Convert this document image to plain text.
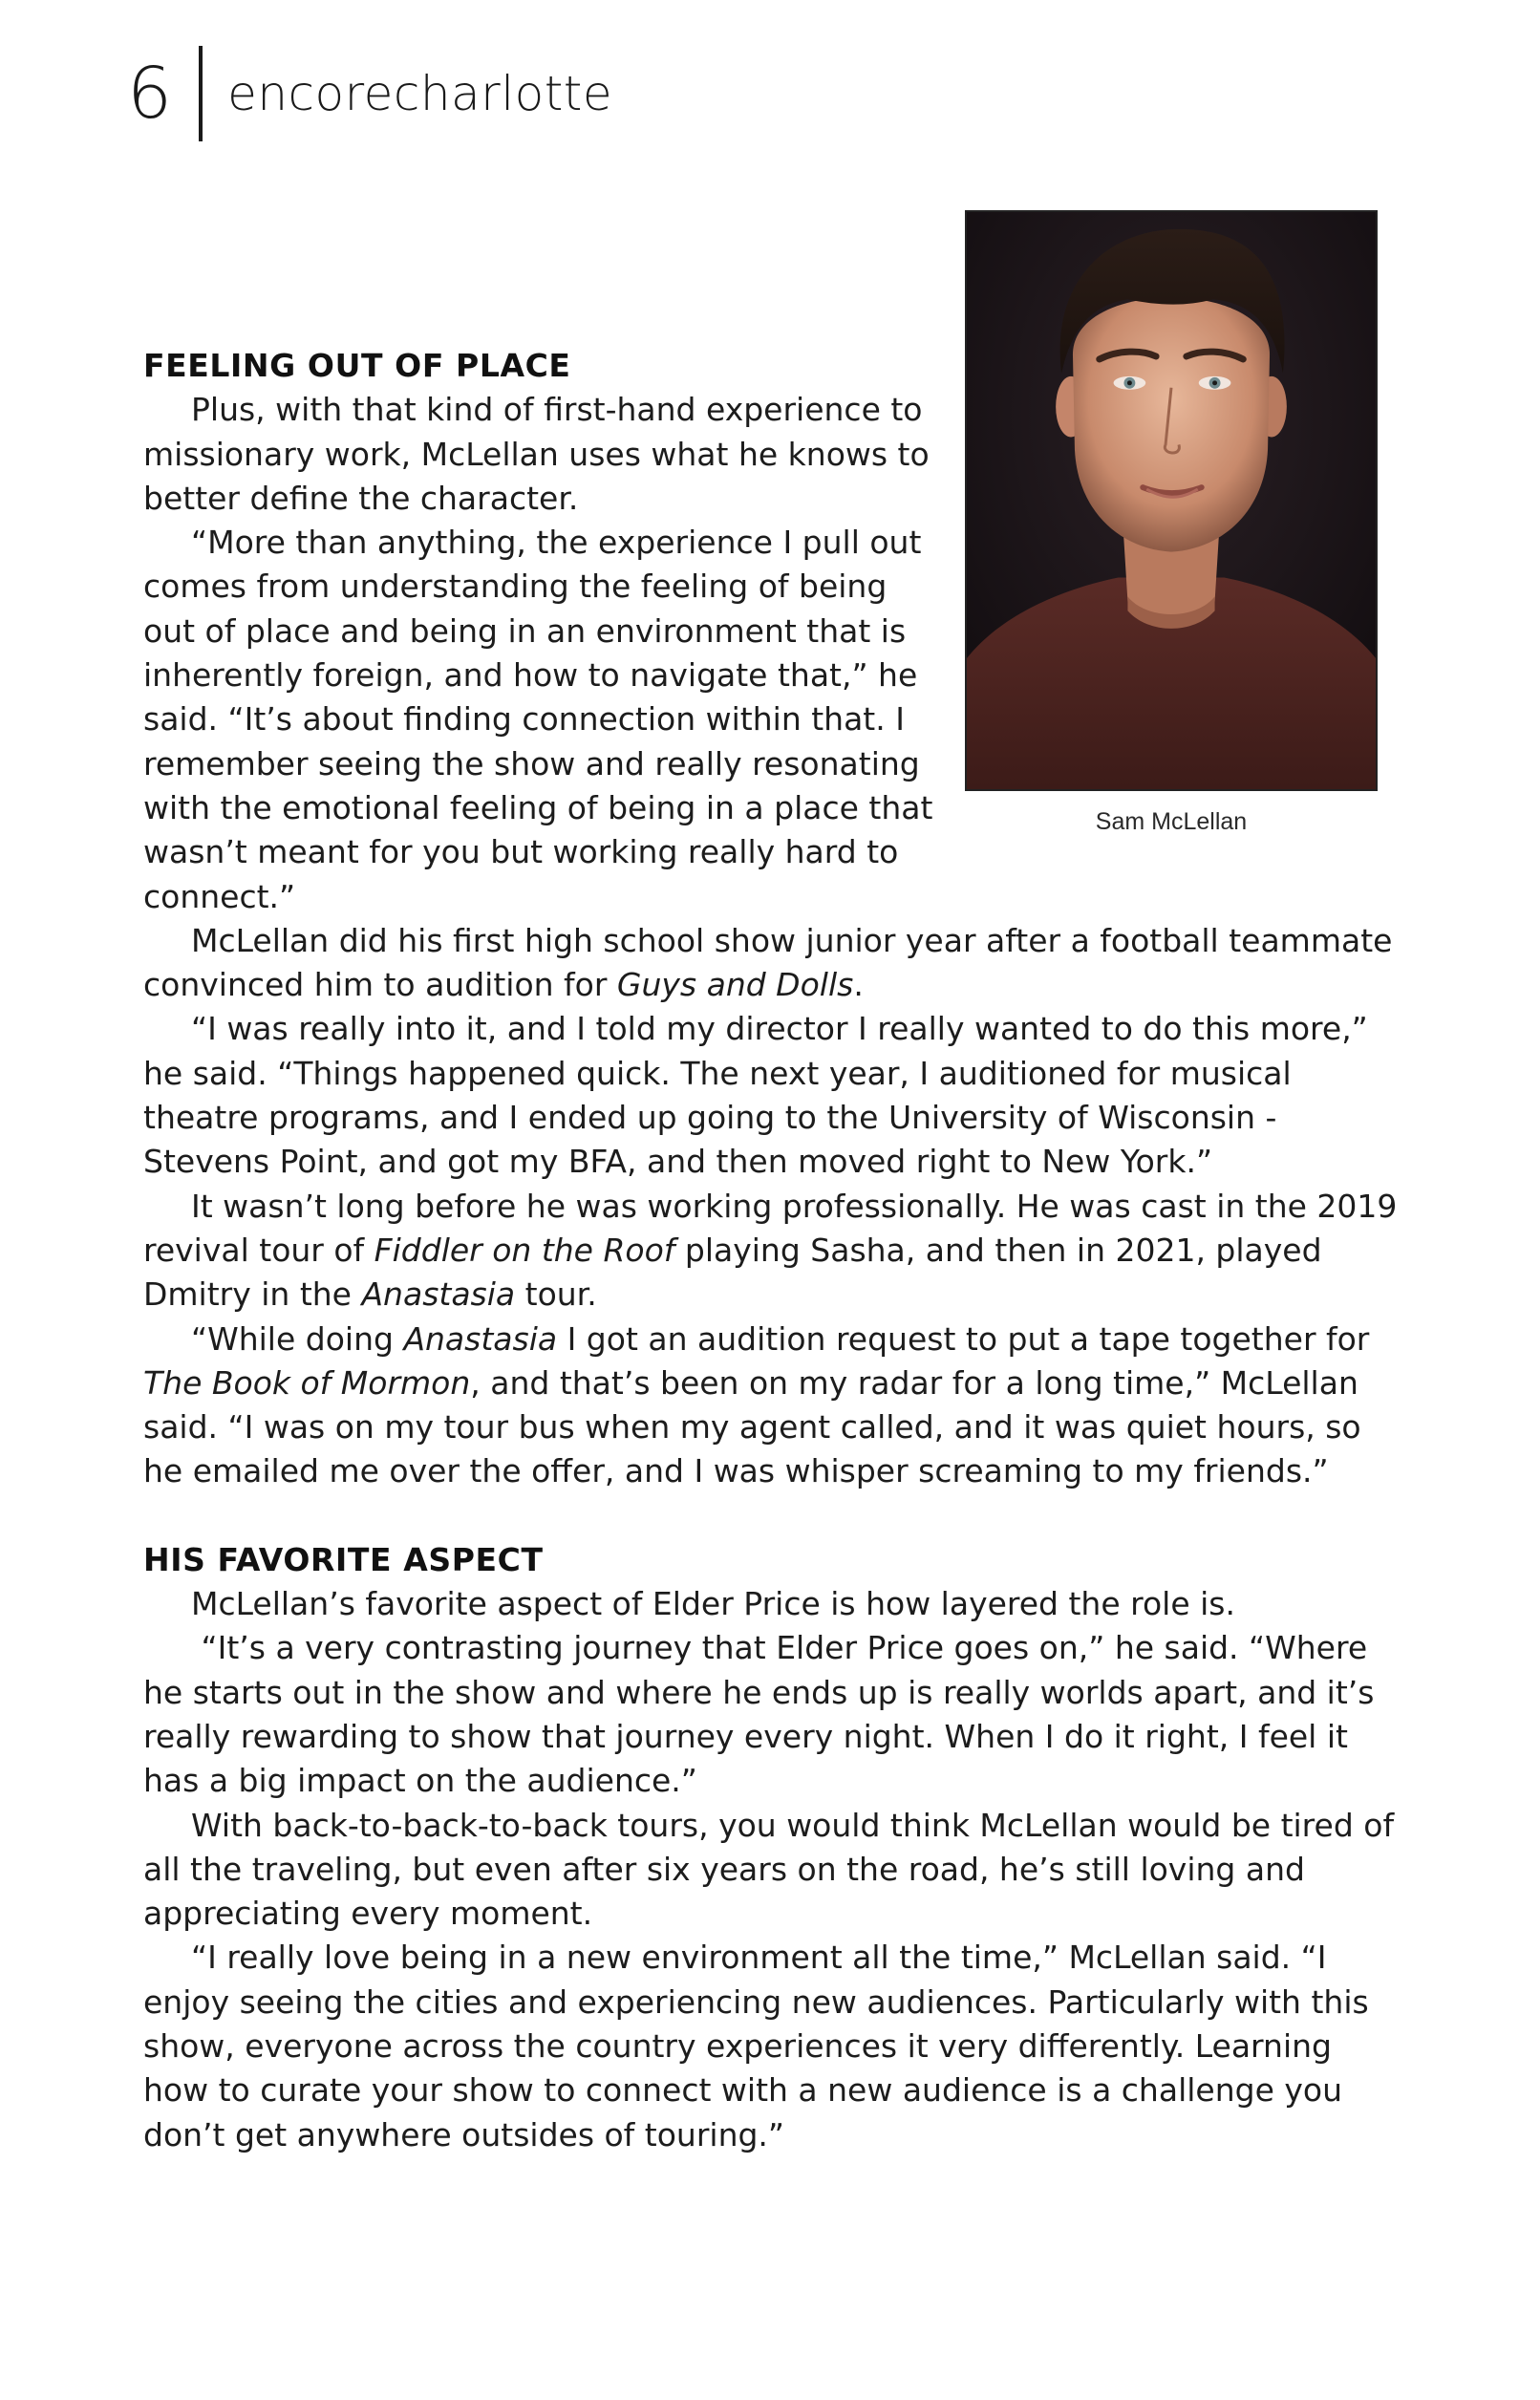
6 encorecharlotte
Sam McLellan
FEELING OUT OF PLACE

Plus, with that kind of first-hand experience to missionary work, McLellan uses what he knows to better define the character.

“More than anything, the experience I pull out comes from understanding the feeling of being out of place and being in an environment that is inherently foreign, and how to navigate that,” he said. “It’s about finding connection within that. I remember seeing the show and really resonating with the emotional feeling of being in a place that wasn’t meant for you but working really hard to connect.”

McLellan did his first high school show junior year after a football teammate convinced him to audition for Guys and Dolls.

“I was really into it, and I told my director I really wanted to do this more,” he said. “Things happened quick. The next year, I auditioned for musical theatre programs, and I ended up going to the University of Wisconsin - Stevens Point, and got my BFA, and then moved right to New York.”

It wasn’t long before he was working professionally. He was cast in the 2019 revival tour of Fiddler on the Roof playing Sasha, and then in 2021, played Dmitry in the Anastasia tour.

“While doing Anastasia I got an audition request to put a tape together for The Book of Mormon, and that’s been on my radar for a long time,” McLellan said. “I was on my tour bus when my agent called, and it was quiet hours, so he emailed me over the offer, and I was whisper screaming to my friends.”

HIS FAVORITE ASPECT

McLellan’s favorite aspect of Elder Price is how layered the role is.

“It’s a very contrasting journey that Elder Price goes on,” he said. “Where he starts out in the show and where he ends up is really worlds apart, and it’s really rewarding to show that journey every night. When I do it right, I feel it has a big impact on the audience.”

With back-to-back-to-back tours, you would think McLellan would be tired of all the traveling, but even after six years on the road, he’s still loving and appreciating every moment.

“I really love being in a new environment all the time,” McLellan said. “I enjoy seeing the cities and experiencing new audiences. Particularly with this show, everyone across the country experiences it very differently. Learning how to curate your show to connect with a new audience is a challenge you don’t get anywhere outsides of touring.”
